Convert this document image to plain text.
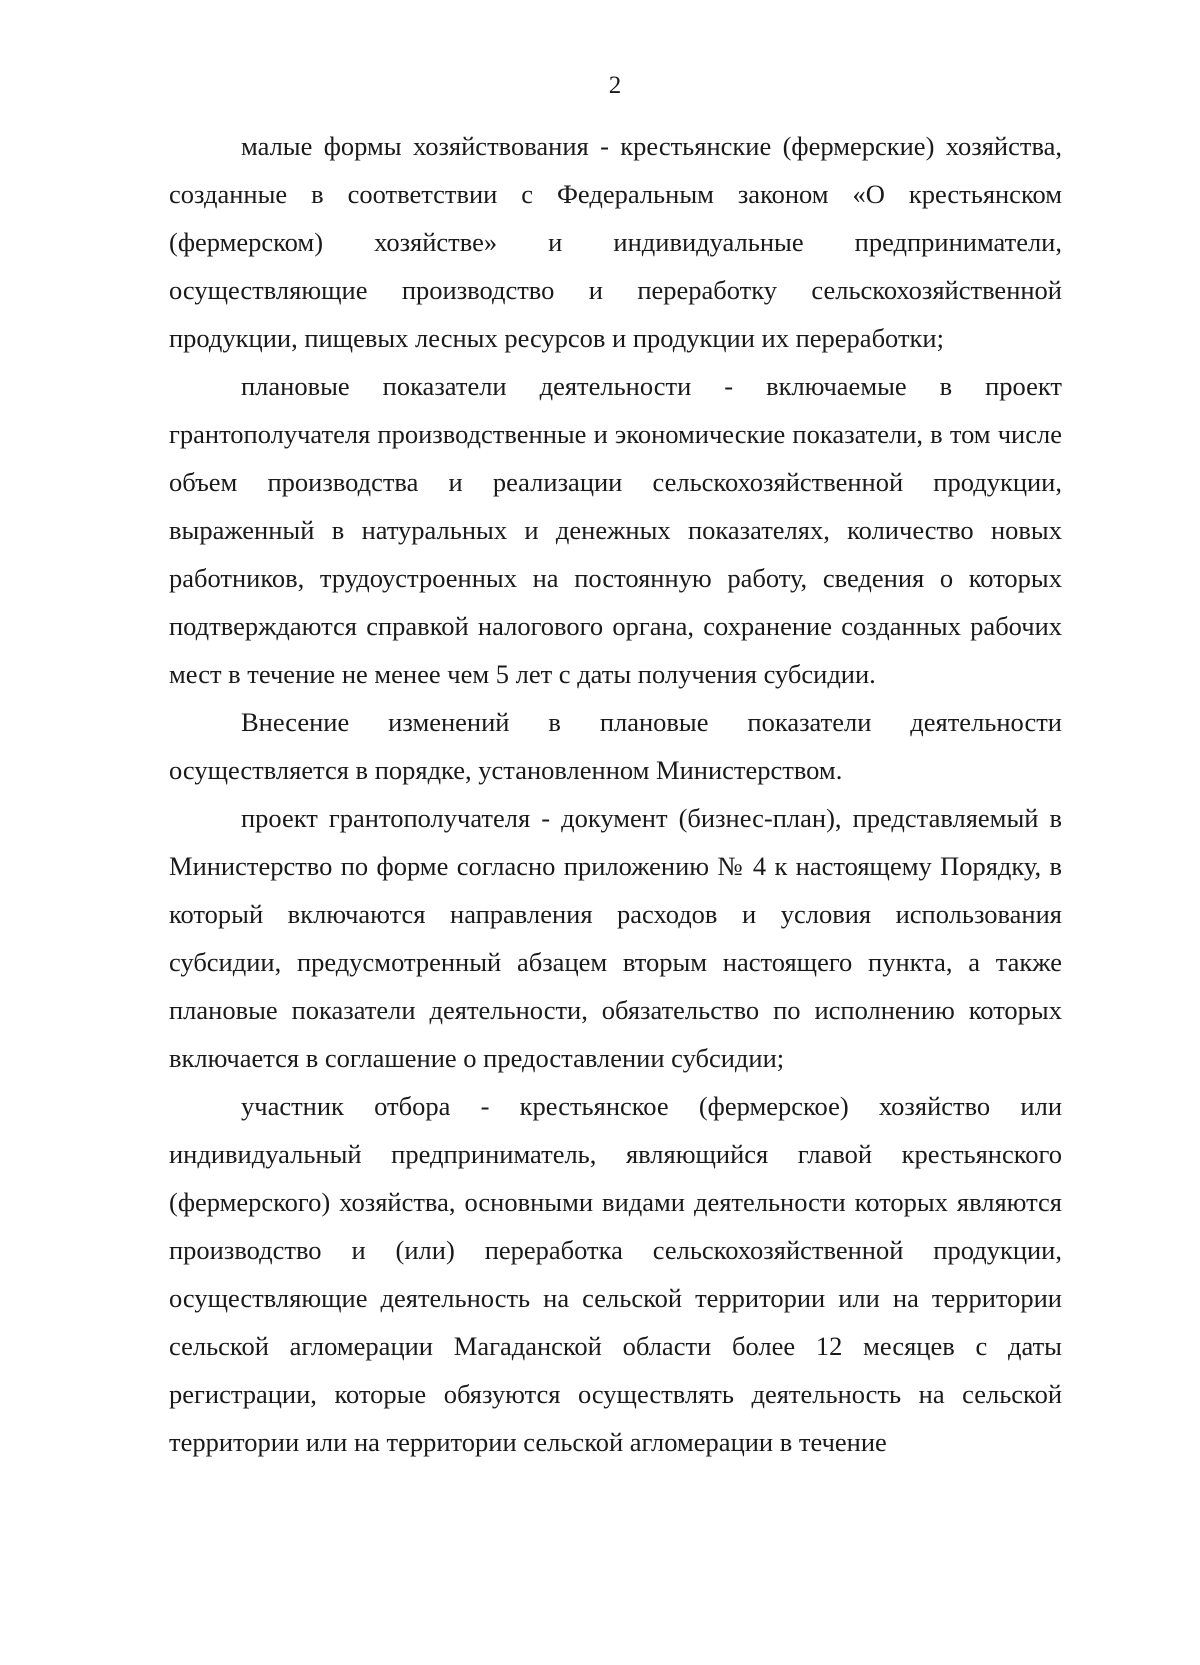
2

малые формы хозяйствования - крестьянские (фермерские) хозяйства, созданные в соответствии с Федеральным законом «О крестьянском (фермерском) хозяйстве» и индивидуальные предприниматели, осуществляющие производство и переработку сельскохозяйственной продукции, пищевых лесных ресурсов и продукции их переработки;

плановые показатели деятельности - включаемые в проект грантополучателя производственные и экономические показатели, в том числе объем производства и реализации сельскохозяйственной продукции, выраженный в натуральных и денежных показателях, количество новых работников, трудоустроенных на постоянную работу, сведения о которых подтверждаются справкой налогового органа, сохранение созданных рабочих мест в течение не менее чем 5 лет с даты получения субсидии.

Внесение изменений в плановые показатели деятельности осуществляется в порядке, установленном Министерством.

проект грантополучателя - документ (бизнес-план), представляемый в Министерство по форме согласно приложению № 4 к настоящему Порядку, в который включаются направления расходов и условия использования субсидии, предусмотренный абзацем вторым настоящего пункта, а также плановые показатели деятельности, обязательство по исполнению которых включается в соглашение о предоставлении субсидии;

участник отбора - крестьянское (фермерское) хозяйство или индивидуальный предприниматель, являющийся главой крестьянского (фермерского) хозяйства, основными видами деятельности которых являются производство и (или) переработка сельскохозяйственной продукции, осуществляющие деятельность на сельской территории или на территории сельской агломерации Магаданской области более 12 месяцев с даты регистрации, которые обязуются осуществлять деятельность на сельской территории или на территории сельской агломерации в течение
